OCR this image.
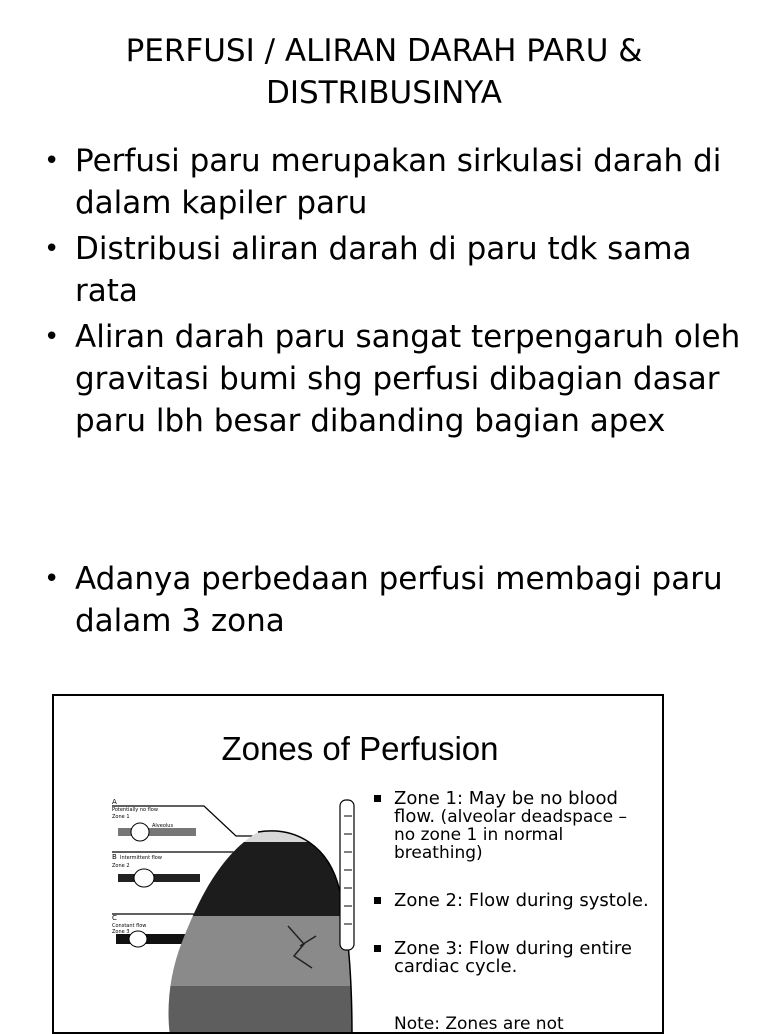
PERFUSI / ALIRAN DARAH PARU &
DISTRIBUSINYA
• Perfusi paru merupakan sirkulasi darah di dalam kapiler paru
• Distribusi aliran darah di paru tdk sama rata
• Aliran darah paru sangat terpengaruh oleh gravitasi bumi shg perfusi dibagian dasar paru lbh besar dibanding bagian apex
• Adanya perbedaan perfusi membagi paru dalam 3 zona
Zones of Perfusion
A
Potentially no flow
Zone 1
Alveolus
B Intermittent flow
Zone 2
C
Constant flow
Zone 3
Zone 1: May be no blood flow. (alveolar deadspace – no zone 1 in normal breathing)
Zone 2: Flow during systole.
Zone 3: Flow during entire cardiac cycle.
Note: Zones are not
